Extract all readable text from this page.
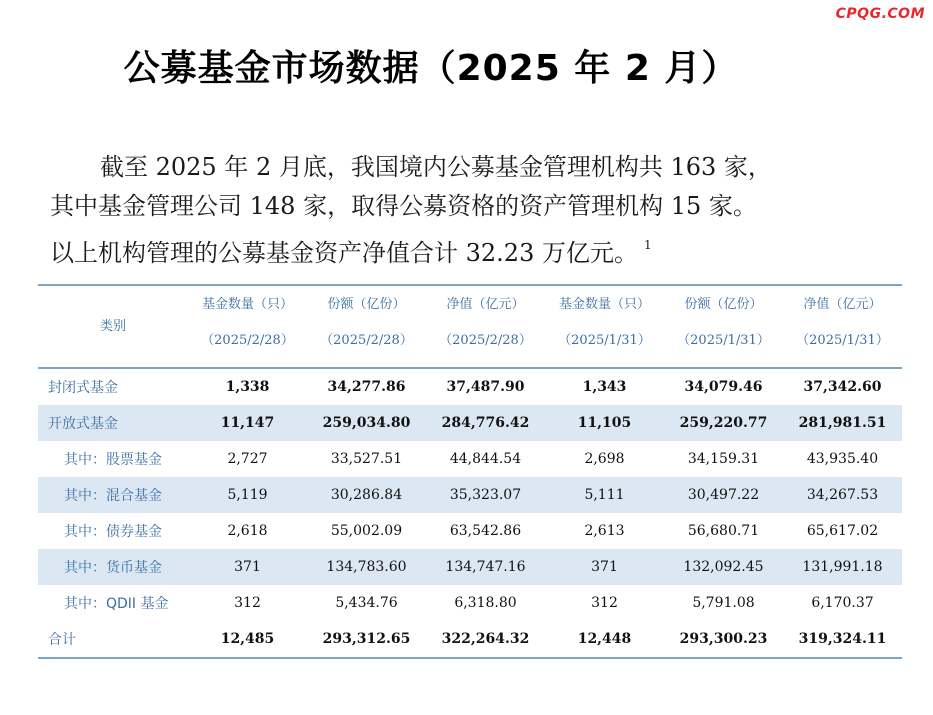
CPQG.COM
公募基金市场数据（2025 年 2 月）

截至 2025 年 2 月底，我国境内公募基金管理机构共 163 家，

其中基金管理公司 148 家，取得公募资格的资产管理机构 15 家。

以上机构管理的公募基金资产净值合计 32.23 万亿元。 $^1$

类别	基金数量（只）	份额（亿份）	净值（亿元）	基金数量（只）	份额（亿份）	净值（亿元）
	（2025/2/28）	（2025/2/28）	（2025/2/28）	（2025/1/31）	（2025/1/31）	（2025/1/31）
封闭式基金	1,338	34,277.86	37,487.90	1,343	34,079.46	37,342.60
开放式基金	11,147	259,034.80	284,776.42	11,105	259,220.77	281,981.51
其中：股票基金	2,727	33,527.51	44,844.54	2,698	34,159.31	43,935.40
其中：混合基金	5,119	30,286.84	35,323.07	5,111	30,497.22	34,267.53
其中：债券基金	2,618	55,002.09	63,542.86	2,613	56,680.71	65,617.02
其中：货币基金	371	134,783.60	134,747.16	371	132,092.45	131,991.18
其中：QDII 基金	312	5,434.76	6,318.80	312	5,791.08	6,170.37
合计	12,485	293,312.65	322,264.32	12,448	293,300.23	319,324.11
